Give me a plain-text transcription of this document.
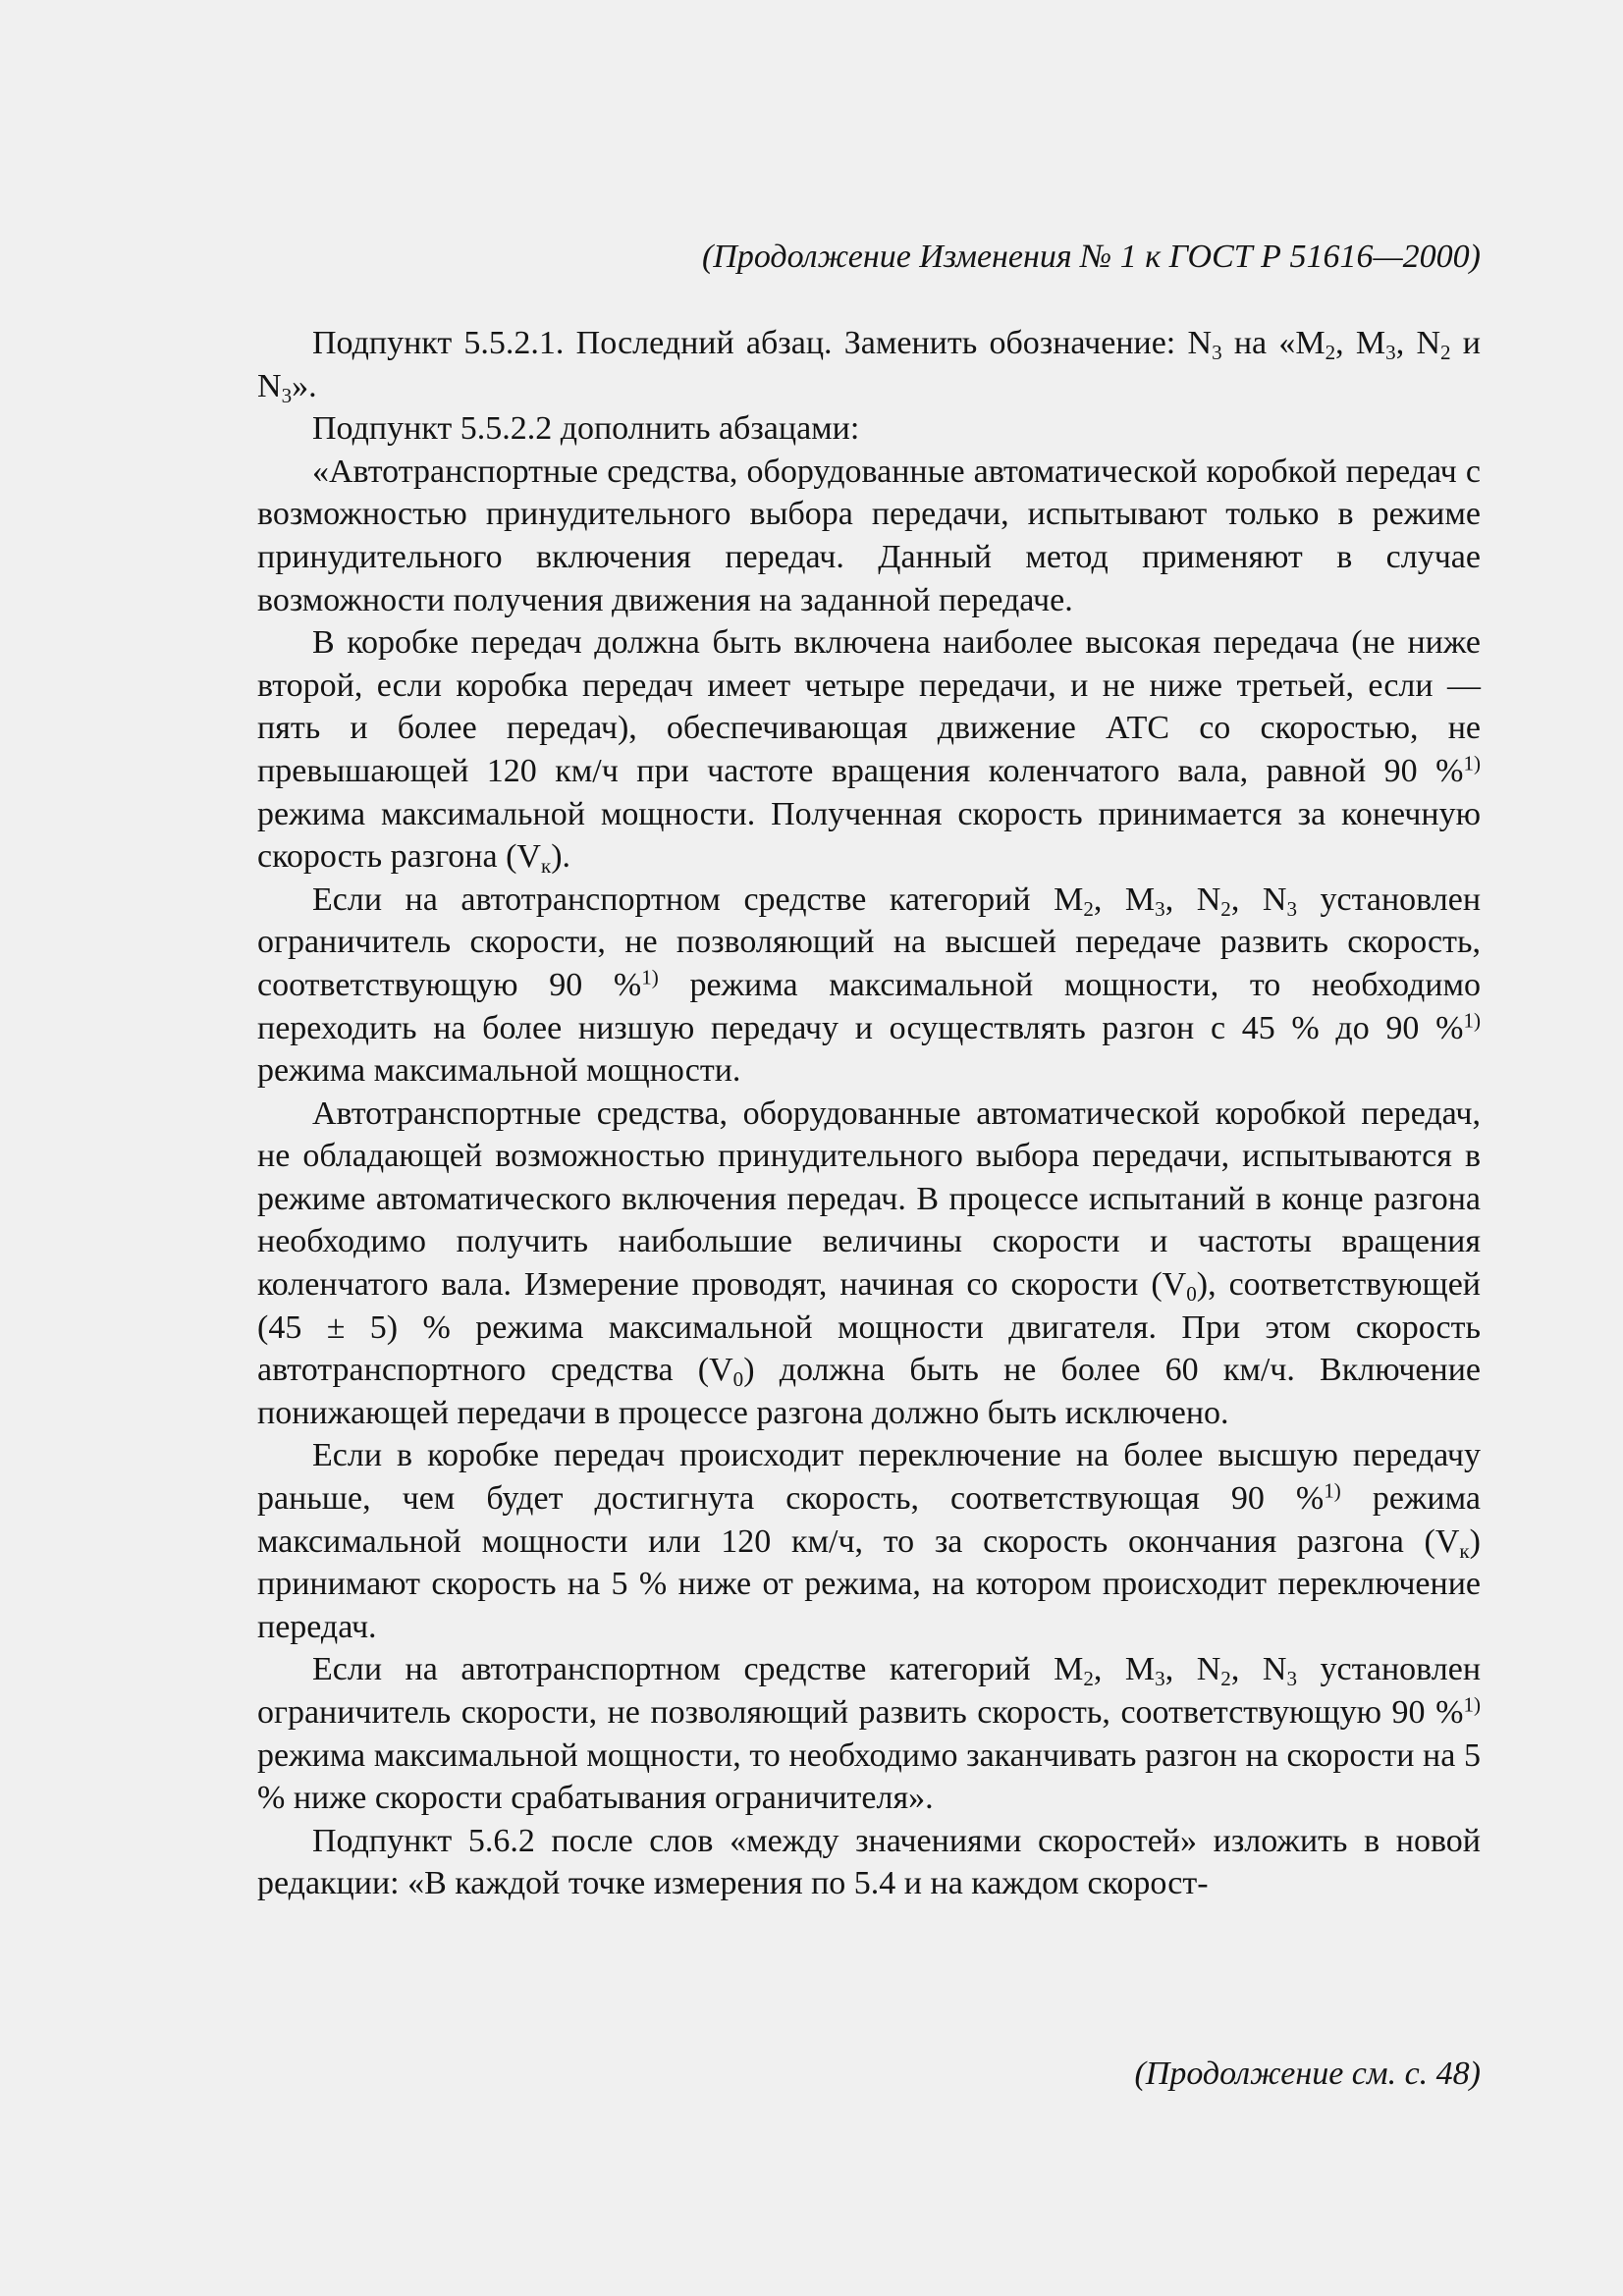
(Продолжение Изменения № 1 к ГОСТ Р 51616—2000)

Подпункт 5.5.2.1. Последний абзац. Заменить обозначение: $N_3$ на «$M_2$, $M_3$, $N_2$ и $N_3$».

Подпункт 5.5.2.2 дополнить абзацами:

«Автотранспортные средства, оборудованные автоматической коробкой передач с возможностью принудительного выбора передачи, испытывают только в режиме принудительного включения передач. Данный метод применяют в случае возможности получения движения на заданной передаче.

В коробке передач должна быть включена наиболее высокая передача (не ниже второй, если коробка передач имеет четыре передачи, и не ниже третьей, если — пять и более передач), обеспечивающая движение АТС со скоростью, не превышающей 120 км/ч при частоте вращения коленчатого вала, равной 90 %$^{1)}$ режима максимальной мощности. Полученная скорость принимается за конечную скорость разгона $(V_к)$.

Если на автотранспортном средстве категорий $M_2$, $M_3$, $N_2$, $N_3$ установлен ограничитель скорости, не позволяющий на высшей передаче развить скорость, соответствующую 90 %$^{1)}$ режима максимальной мощности, то необходимо переходить на более низшую передачу и осуществлять разгон с 45 % до 90 %$^{1)}$ режима максимальной мощности.

Автотранспортные средства, оборудованные автоматической коробкой передач, не обладающей возможностью принудительного выбора передачи, испытываются в режиме автоматического включения передач. В процессе испытаний в конце разгона необходимо получить наибольшие величины скорости и частоты вращения коленчатого вала. Измерение проводят, начиная со скорости $(V_0)$, соответствующей (45 ± 5) % режима максимальной мощности двигателя. При этом скорость автотранспортного средства $(V_0)$ должна быть не более 60 км/ч. Включение понижающей передачи в процессе разгона должно быть исключено.

Если в коробке передач происходит переключение на более высшую передачу раньше, чем будет достигнута скорость, соответствующая 90 %$^{1)}$ режима максимальной мощности или 120 км/ч, то за скорость окончания разгона $(V_к)$ принимают скорость на 5 % ниже от режима, на котором происходит переключение передач.

Если на автотранспортном средстве категорий $M_2$, $M_3$, $N_2$, $N_3$ установлен ограничитель скорости, не позволяющий развить скорость, соответствующую 90 %$^{1)}$ режима максимальной мощности, то необходимо заканчивать разгон на скорости на 5 % ниже скорости срабатывания ограничителя».

Подпункт 5.6.2 после слов «между значениями скоростей» изложить в новой редакции: «В каждой точке измерения по 5.4 и на каждом скорост-

(Продолжение см. с. 48)
